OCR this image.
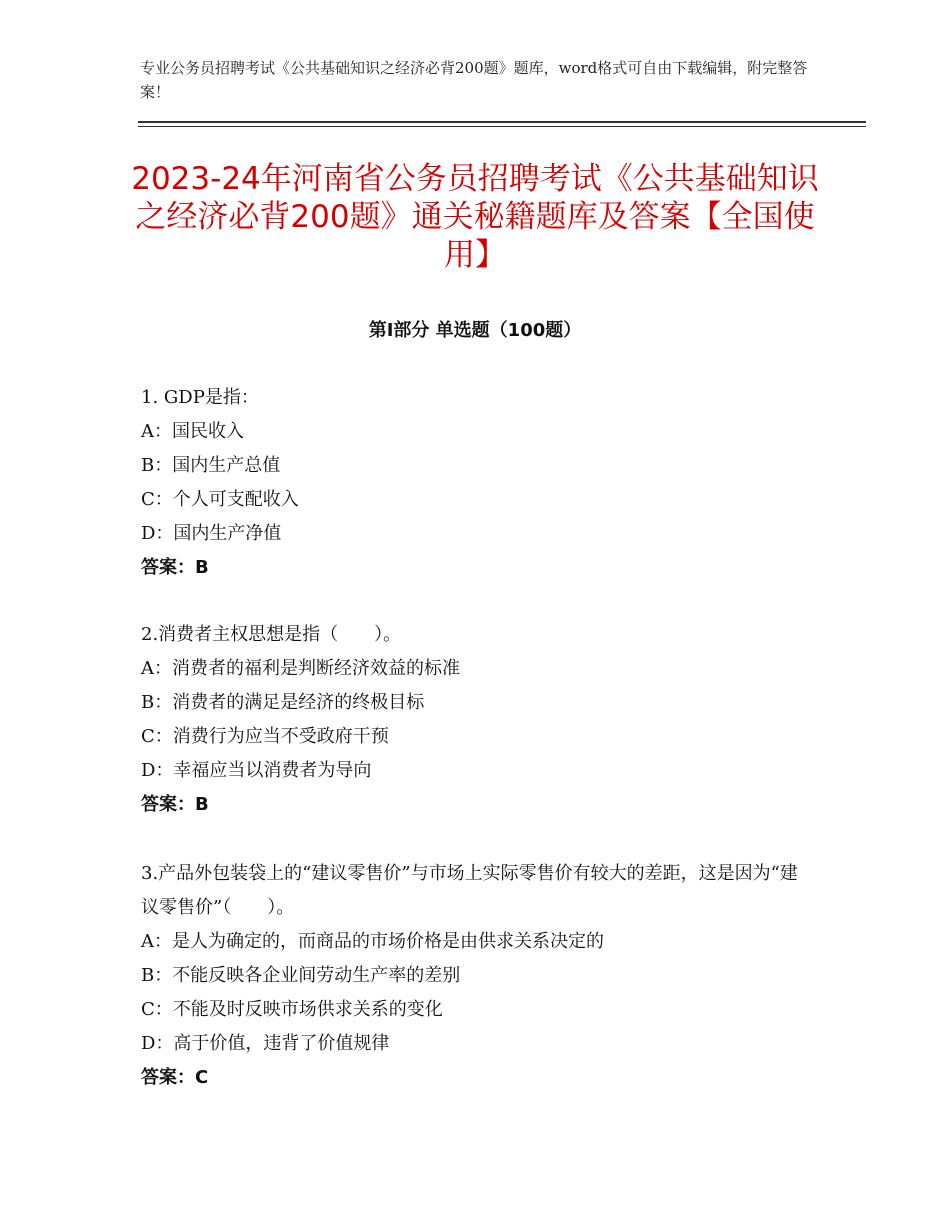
专业公务员招聘考试《公共基础知识之经济必背200题》题库，word格式可自由下载编辑，附完整答案！
2023-24年河南省公务员招聘考试《公共基础知识之经济必背200题》通关秘籍题库及答案【全国使用】
第Ⅰ部分 单选题（100题）
1. GDP是指：
A：国民收入
B：国内生产总值
C：个人可支配收入
D：国内生产净值
答案：B
2.消费者主权思想是指（　　）。
A：消费者的福利是判断经济效益的标准
B：消费者的满足是经济的终极目标
C：消费行为应当不受政府干预
D：幸福应当以消费者为导向
答案：B
3.产品外包装袋上的“建议零售价”与市场上实际零售价有较大的差距，这是因为“建议零售价”（　　）。
A：是人为确定的，而商品的市场价格是由供求关系决定的
B：不能反映各企业间劳动生产率的差别
C：不能及时反映市场供求关系的变化
D：高于价值，违背了价值规律
答案：C
